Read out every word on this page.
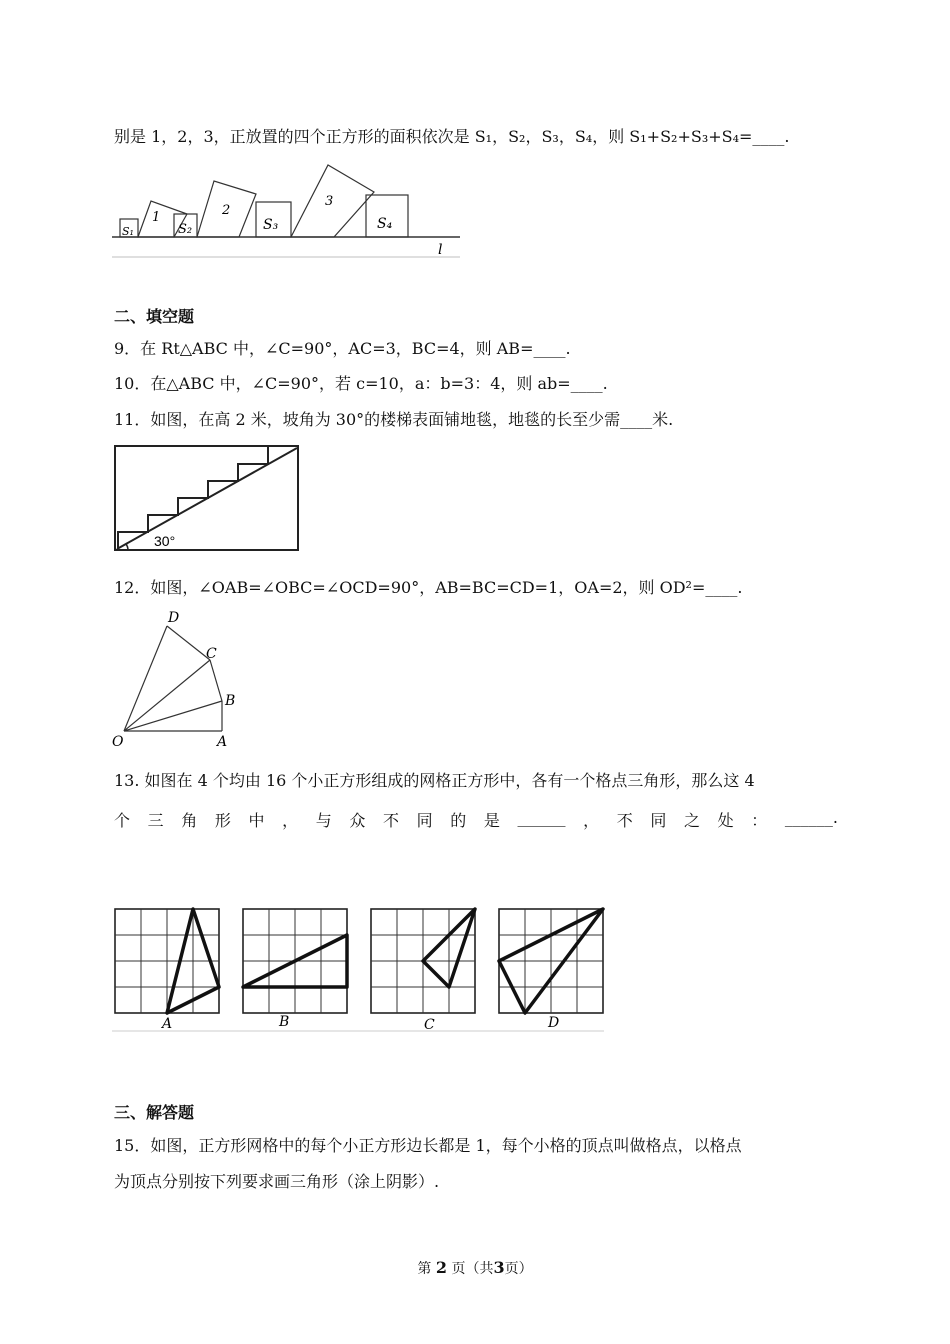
别是 1，2，3，正放置的四个正方形的面积依次是 S₁，S₂，S₃，S₄，则 S₁+S₂+S₃+S₄=____.
S₁	S₂	S₃	S₄
1	2
3
l
二、填空题
9．在 Rt△ABC 中，∠C=90°，AC=3，BC=4，则 AB=____.
10．在△ABC 中，∠C=90°，若 c=10，a：b=3：4，则 ab=____.
11．如图，在高 2 米，坡角为 30°的楼梯表面铺地毯，地毯的长至少需____米.
30°
12．如图，∠OAB=∠OBC=∠OCD=90°，AB=BC=CD=1，OA=2，则 OD²=____.
D
C
B
O	A
13. 如图在 4 个均由 16 个小正方形组成的网格正方形中，各有一个格点三角形，那么这 4
个 三 角 形 中 ， 与 众 不 同 的 是 ______ ， 不 同 之 处 ： ______.
A	B	C	D
三、解答题
15．如图，正方形网格中的每个小正方形边长都是 1，每个小格的顶点叫做格点，以格点
为顶点分别按下列要求画三角形（涂上阴影）.
第 2 页（共3页）
